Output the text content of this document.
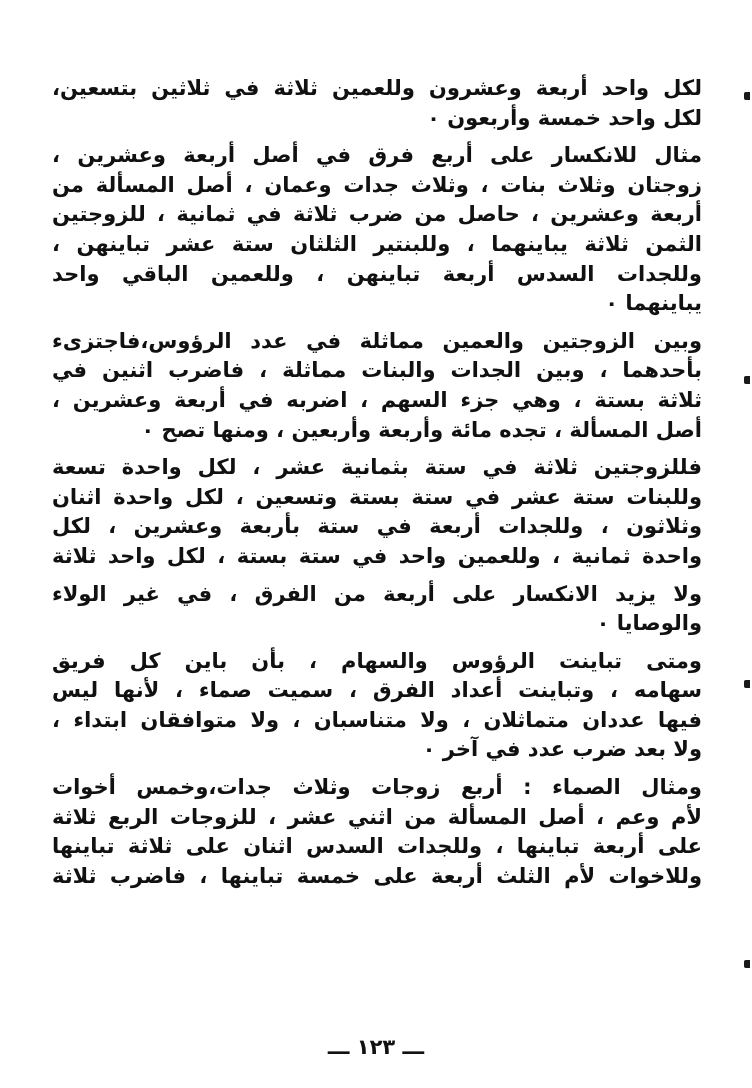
لكل واحد أربعة وعشرون وللعمين ثلاثة في ثلاثين بتسعين،
لكل واحد خمسة وأربعون ٠
مثال للانكسار على أربع فرق في أصل أربعة وعشرين ،
زوجتان وثلاث بنات ، وثلاث جدات وعمان ، أصل المسألة من
أربعة وعشرين ، حاصل من ضرب ثلاثة في ثمانية ، للزوجتين
الثمن ثلاثة يباينهما ، وللبنتير الثلثان ستة عشر تباينهن ،
وللجدات السدس أربعة تباينهن ، وللعمين الباقي واحد
يباينهما ٠
وبين الزوجتين والعمين مماثلة في عدد الرؤوس،فاجتزىء
بأحدهما ، وبين الجدات والبنات مماثلة ، فاضرب اثنين في
ثلاثة بستة ، وهي جزء السهم ، اضربه في أربعة وعشرين ،
أصل المسألة ، تجده مائة وأربعة وأربعين ، ومنها تصح ٠
فللزوجتين ثلاثة في ستة بثمانية عشر ، لكل واحدة تسعة
وللبنات ستة عشر في ستة بستة وتسعين ، لكل واحدة اثنان
وثلاثون ، وللجدات أربعة في ستة بأربعة وعشرين ، لكل
واحدة ثمانية ، وللعمين واحد في ستة بستة ، لكل واحد ثلاثة
ولا يزيد الانكسار على أربعة من الفرق ، في غير الولاء
والوصايا ٠
ومتى تباينت الرؤوس والسهام ، بأن باين كل فريق
سهامه ، وتباينت أعداد الفرق ، سميت صماء ، لأنها ليس
فيها عددان متماثلان ، ولا متناسبان ، ولا متوافقان ابتداء ،
ولا بعد ضرب عدد في آخر ٠
ومثال الصماء : أربع زوجات وثلاث جدات،وخمس أخوات
لأم وعم ، أصل المسألة من اثني عشر ، للزوجات الربع ثلاثة
على أربعة تباينها ، وللجدات السدس اثنان على ثلاثة تباينها
وللاخوات لأم الثلث أربعة على خمسة تباينها ، فاضرب ثلاثة
ـــ ١٢٣ ـــ
